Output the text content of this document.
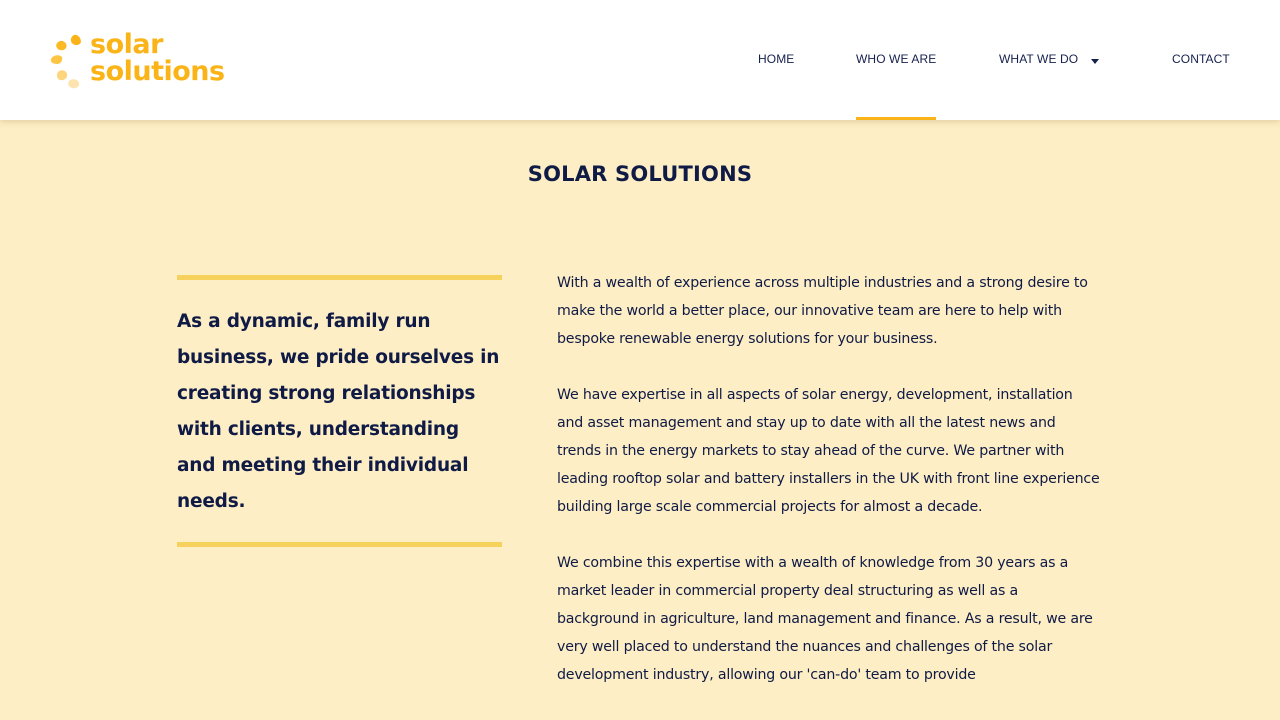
solar
solutions	HOME	WHO WE ARE	WHAT WE DO	CONTACT
SOLAR SOLUTIONS

As a dynamic, family run business, we pride ourselves in creating strong relationships with clients, understanding and meeting their individual needs.

With a wealth of experience across multiple industries and a strong desire to make the world a better place, our innovative team are here to help with bespoke renewable energy solutions for your business.

We have expertise in all aspects of solar energy, development, installation and asset management and stay up to date with all the latest news and trends in the energy markets to stay ahead of the curve. We partner with leading rooftop solar and battery installers in the UK with front line experience building large scale commercial projects for almost a decade.

We combine this expertise with a wealth of knowledge from 30 years as a market leader in commercial property deal structuring as well as a background in agriculture, land management and finance. As a result, we are very well placed to understand the nuances and challenges of the solar development industry, allowing our 'can-do' team to provide
